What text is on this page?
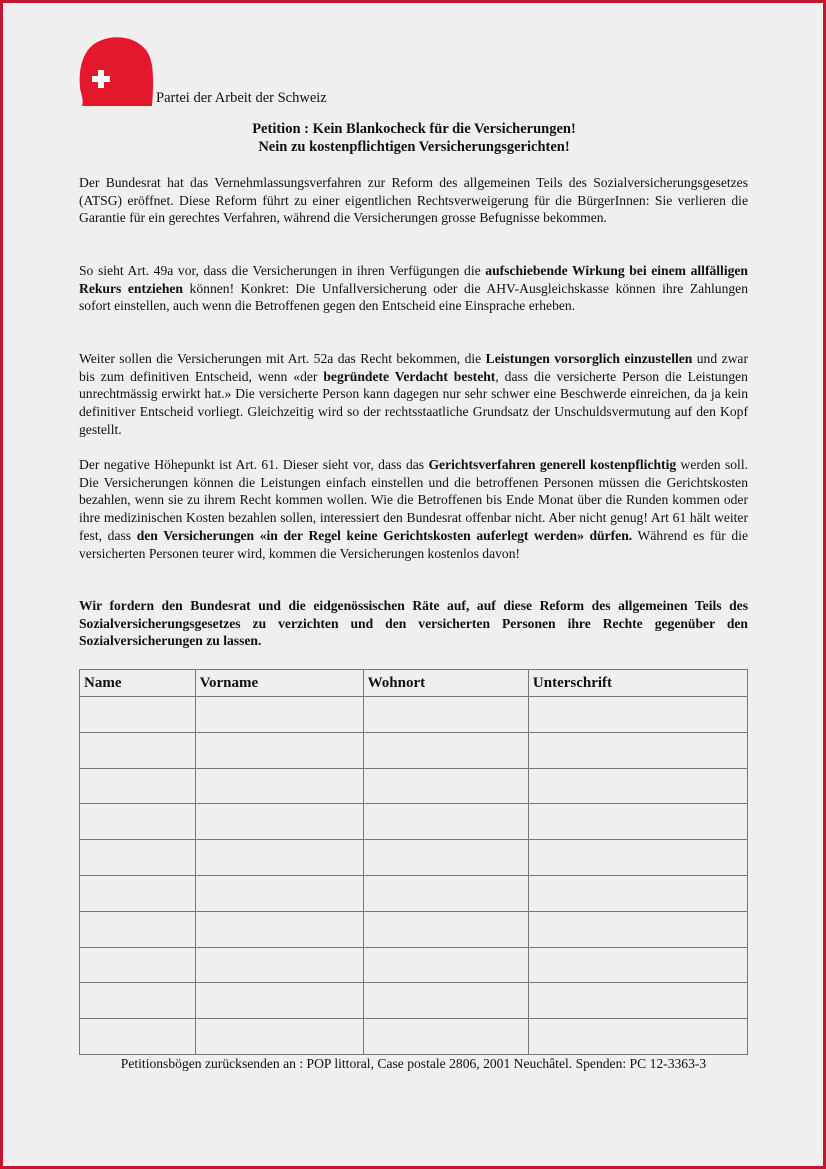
Partei der Arbeit der Schweiz
Petition : Kein Blankocheck für die Versicherungen!
Nein zu kostenpflichtigen Versicherungsgerichten!
Der Bundesrat hat das Vernehmlassungsverfahren zur Reform des allgemeinen Teils des Sozialversicherungsgesetzes (ATSG) eröffnet. Diese Reform führt zu einer eigentlichen Rechtsverweigerung für die BürgerInnen: Sie verlieren die Garantie für ein gerechtes Verfahren, während die Versicherungen grosse Befugnisse bekommen.
So sieht Art. 49a vor, dass die Versicherungen in ihren Verfügungen die aufschiebende Wirkung bei einem allfälligen Rekurs entziehen können! Konkret: Die Unfallversicherung oder die AHV-Ausgleichskasse können ihre Zahlungen sofort einstellen, auch wenn die Betroffenen gegen den Entscheid eine Einsprache erheben.
Weiter sollen die Versicherungen mit Art. 52a das Recht bekommen, die Leistungen vorsorglich einzustellen und zwar bis zum definitiven Entscheid, wenn «der begründete Verdacht besteht, dass die versicherte Person die Leistungen unrechtmässig erwirkt hat.» Die versicherte Person kann dagegen nur sehr schwer eine Beschwerde einreichen, da ja kein definitiver Entscheid vorliegt. Gleichzeitig wird so der rechtsstaatliche Grundsatz der Unschuldsvermutung auf den Kopf gestellt.
Der negative Höhepunkt ist Art. 61. Dieser sieht vor, dass das Gerichtsverfahren generell kostenpflichtig werden soll. Die Versicherungen können die Leistungen einfach einstellen und die betroffenen Personen müssen die Gerichtskosten bezahlen, wenn sie zu ihrem Recht kommen wollen. Wie die Betroffenen bis Ende Monat über die Runden kommen oder ihre medizinischen Kosten bezahlen sollen, interessiert den Bundesrat offenbar nicht. Aber nicht genug! Art 61 hält weiter fest, dass den Versicherungen «in der Regel keine Gerichtskosten auferlegt werden» dürfen. Während es für die versicherten Personen teurer wird, kommen die Versicherungen kostenlos davon!
Wir fordern den Bundesrat und die eidgenössischen Räte auf, auf diese Reform des allgemeinen Teils des Sozialversicherungsgesetzes zu verzichten und den versicherten Personen ihre Rechte gegenüber den Sozialversicherungen zu lassen.
Name	Vorname	Wohnort	Unterschrift

Petitionsbögen zurücksenden an : POP littoral, Case postale 2806, 2001 Neuchâtel. Spenden: PC 12-3363-3
